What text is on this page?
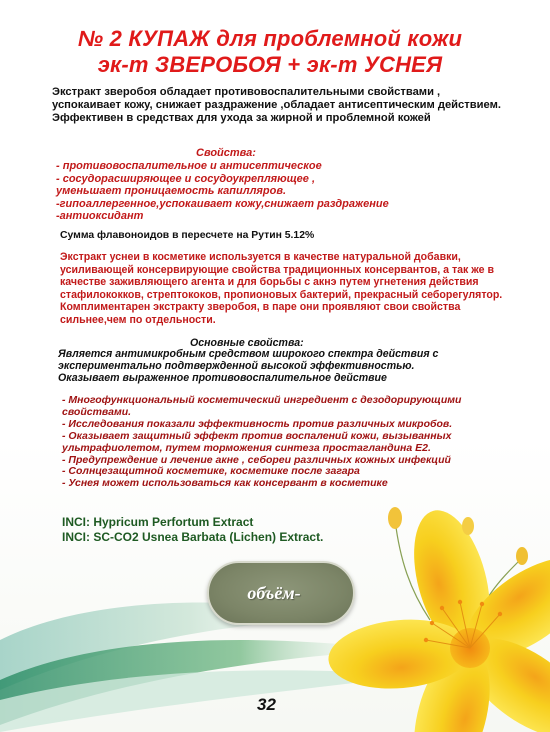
№ 2 КУПАЖ для проблемной кожи
эк-т ЗВЕРОБОЯ + эк-т УСНЕЯ

Экстракт зверобоя обладает противовоспалительными свойствами , успокаивает кожу, снижает раздражение ,обладает антисептическим действием.

Эффективен в средствах для ухода за жирной и проблемной кожей

Свойства:
- противовоспалительное и антисептическое
- сосудорасширяющее и сосудоукрепляющее ,
уменьшает проницаемость капилляров.
-гипоаллергенное,успокаивает кожу,снижает раздражение
-антиоксидант
Сумма флавоноидов в пересчете на Рутин 5.12%
Экстракт уснеи в косметике используется в качестве натуральной добавки, усиливающей консервирующие свойства традиционных консервантов, а так же в качестве заживляющего агента и для борьбы с акнэ путем угнетения действия стафилококков, стрептококов, пропионовых бактерий, прекрасный себорегулятор. Комплиментарен экстракту зверобоя, в паре они проявляют свои свойства сильнее,чем по отдельности.
Основные свойства:

Является антимикробным средством широкого спектра действия с экспериментально подтвержденной высокой эффективностью.

Оказывает выраженное противовоспалительное действие

- Многофункциональный косметический ингредиент с дезодорирующими свойствами.
- Исследования показали эффективность против различных микробов.
- Оказывает защитный эффект против воспалений кожи, вызыванных ультрафиолетом, путем торможения синтеза простагландина Е2.
- Предупреждение и лечение акне , себореи различных кожных инфекций
- Солнцезащитной косметике, косметике после загара
- Уснея может использоваться как консервант в косметике

INCI: Hypricum Perfortum Extract

INCI: SC-CO2 Usnea Barbata (Lichen) Extract.

объём-
32
